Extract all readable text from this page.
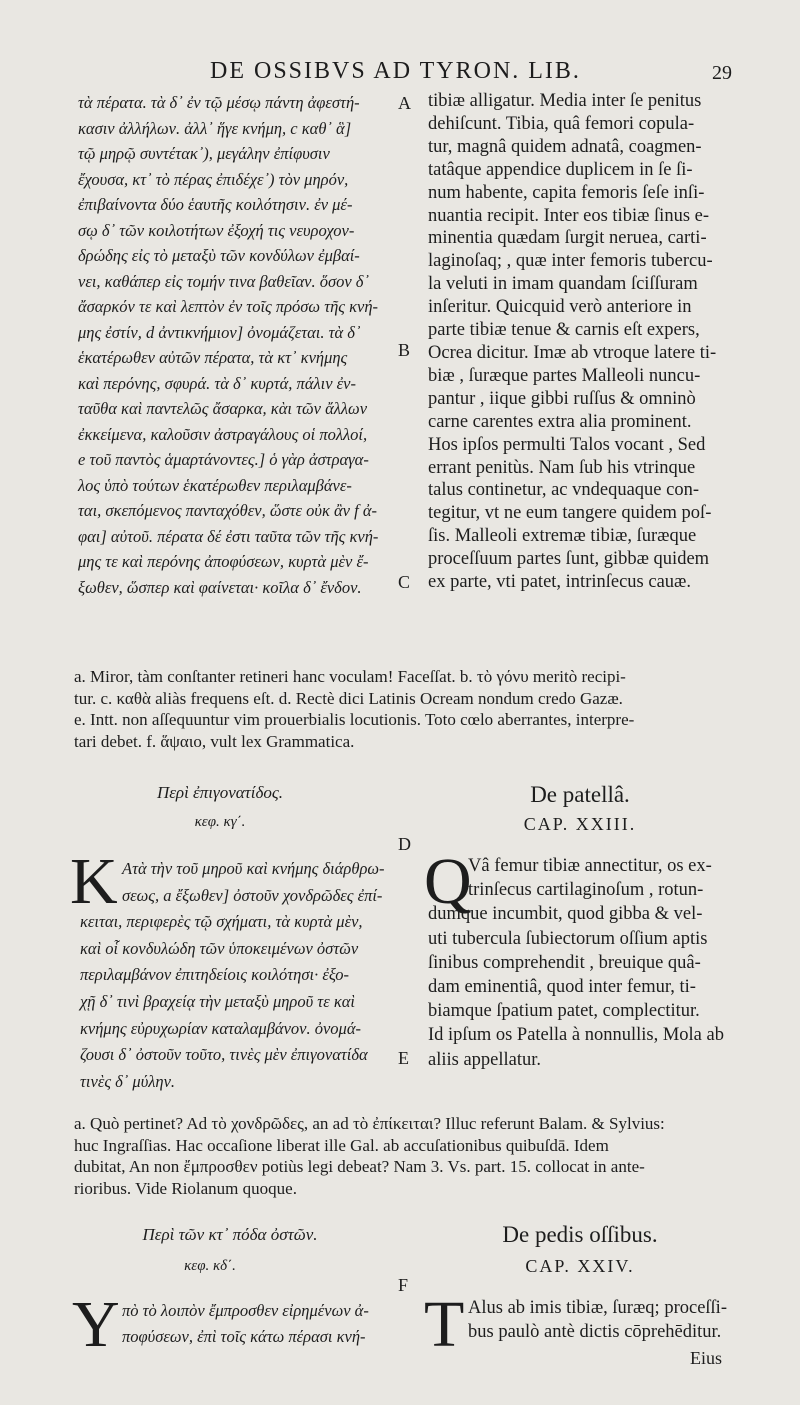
DE OSSIBVS AD TYRON. LIB.	29
A
B
C
D
E
F
τὰ πέρατα. τὰ δ᾽ ἐν τῷ μέσῳ πάντη ἀφεστή-
κασιν ἀλλήλων. ἀλλ᾽ ἥγε κνήμη, c καθ᾽ ἃ]
τῷ μηρῷ συντέτακ᾽), μεγάλην ἐπίφυσιν
ἔχουσα, κτ᾽ τὸ πέρας ἐπιδέχε᾽) τὸν μηρόν,
ἐπιβαίνοντα δύο ἑαυτῆς κοιλότησιν. ἐν μέ-
σῳ δ᾽ τῶν κοιλοτήτων ἐξοχή τις νευροχον-
δρώδης εἰς τὸ μεταξὺ τῶν κονδύλων ἐμβαί-
νει, καθάπερ εἰς τομήν τινα βαθεῖαν. ὅσον δ᾽
ἄσαρκόν τε καὶ λεπτὸν ἐν τοῖς πρόσω τῆς κνή-
μης ἐστίν, d ἀντικνήμιον] ὀνομάζεται. τὰ δ᾽
ἑκατέρωθεν αὐτῶν πέρατα, τὰ κτ᾽ κνήμης
καὶ περόνης, σφυρά. τὰ δ᾽ κυρτά, πάλιν ἐν-
ταῦθα καὶ παντελῶς ἄσαρκα, κὰι τῶν ἄλλων
ἐκκείμενα, καλοῦσιν ἀστραγάλους οἱ πολλοί,
e τοῦ παντὸς ἁμαρτάνοντες.] ὁ γὰρ ἀστραγα-
λος ὑπὸ τούτων ἑκατέρωθεν περιλαμβάνε-
ται, σκεπόμενος πανταχόθεν, ὥστε οὐκ ἂν f ἀ-
φαι] αὐτοῦ. πέρατα δέ ἐστι ταῦτα τῶν τῆς κνή-
μης τε καὶ περόνης ἀποφύσεων, κυρτὰ μὲν ἔ-
ξωθεν, ὥσπερ καὶ φαίνεται· κοῖλα δ᾽ ἔνδον.
tibiæ alligatur. Media inter ſe penitus
dehiſcunt. Tibia, quâ femori copula-
tur, magnâ quidem adnatâ, coagmen-
tatâque appendice duplicem in ſe ſi-
num habente, capita femoris ſeſe inſi-
nuantia recipit. Inter eos tibiæ ſinus e-
minentia quædam ſurgit neruea, carti-
laginoſaq; , quæ inter femoris tubercu-
la veluti in imam quandam ſciſſuram
inſeritur. Quicquid verò anteriore in
parte tibiæ tenue & carnis eſt expers,
Ocrea dicitur. Imæ ab vtroque latere ti-
biæ , ſuræque partes Malleoli nuncu-
pantur , iique gibbi ruſſus & omninò
carne carentes extra alia prominent.
Hos ipſos permulti Talos vocant , Sed
errant penitùs. Nam ſub his vtrinque
talus continetur, ac vndequaque con-
tegitur, vt ne eum tangere quidem poſ-
ſis. Malleoli extremæ tibiæ, ſuræque
proceſſuum partes ſunt, gibbæ quidem
ex parte, vti patet, intrinſecus cauæ.
a. Miror, tàm conſtanter retineri hanc voculam! Faceſſat. b. τὸ γόνυ meritò recipi-
tur. c. καθὰ aliàs frequens eſt. d. Rectè dici Latinis Ocream nondum credo Gazæ.
e. Intt. non aſſequuntur vim prouerbialis locutionis. Toto cœlo aberrantes, interpre-
tari debet. f. ἅψαιο, vult lex Grammatica.
Περὶ ἐπιγονατίδος.
κεφ. κγ΄.
De patellâ.
CAP. XXIII.
K Ατὰ τὴν τοῦ μηροῦ καὶ κνήμης διάρθρω-
σεως, a ἔξωθεν] ὀστοῦν χονδρῶδες ἐπί-
κειται, περιφερὲς τῷ σχήματι, τὰ κυρτὰ μὲν,
καὶ οἷ κονδυλώδη τῶν ὑποκειμένων ὀστῶν
περιλαμβάνον ἐπιτηδείοις κοιλότησι· ἐξο-
χῇ δ᾽ τινὶ βραχείᾳ τὴν μεταξὺ μηροῦ τε καὶ
κνήμης εὐρυχωρίαν καταλαμβάνον. ὀνομά-
ζουσι δ᾽ ὀστοῦν τοῦτο, τινὲς μὲν ἐπιγονατίδα
τινὲς δ᾽ μύλην.
Q
Vâ femur tibiæ annectitur, os ex-
trinſecus cartilaginoſum , rotun-
dumque incumbit, quod gibba & vel-
uti tubercula ſubiectorum oſſium aptis
ſinibus comprehendit , breuique quâ-
dam eminentiâ, quod inter femur, ti-
biamque ſpatium patet, complectitur.
Id ipſum os Patella à nonnullis, Mola ab
aliis appellatur.
a. Quò pertinet? Ad τὸ χονδρῶδες, an ad τὸ ἐπίκειται? Illuc referunt Balam. & Sylvius:
huc Ingraſſias. Hac occaſione liberat ille Gal. ab accuſationibus quibuſdā. Idem
dubitat, An non ἔμπροσθεν potiùs legi debeat? Nam 3. Vs. part. 15. collocat in ante-
rioribus. Vide Riolanum quoque.
Περὶ τῶν κτ᾽ πόδα ὀστῶν.
κεφ. κδ΄.
De pedis oſſibus.
CAP. XXIV.
Y πὸ τὸ λοιπὸν ἔμπροσθεν εἰρημένων ἀ-
ποφύσεων, ἐπὶ τοῖς κάτω πέρασι κνή- T Alus ab imis tibiæ, ſuræq; proceſſi-
bus paulò antè dictis cōprehēditur.
Eius
